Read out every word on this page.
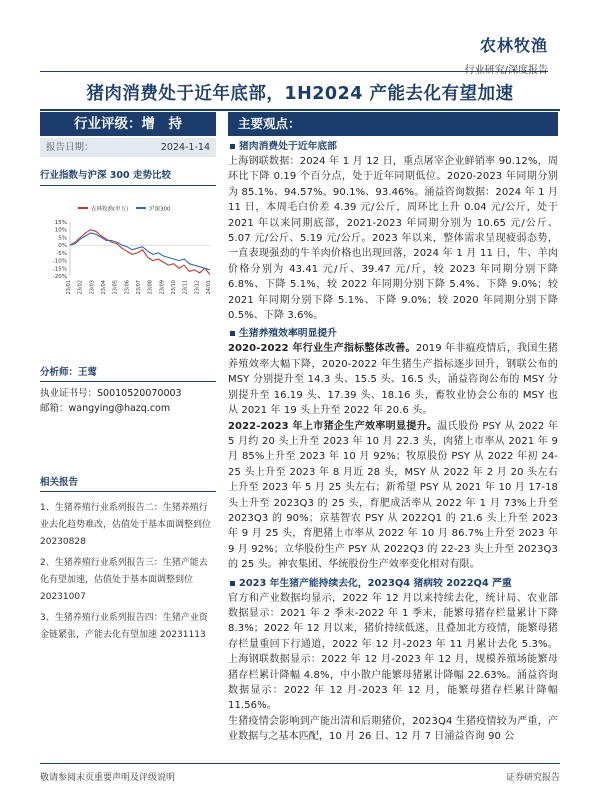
农林牧渔
行业研究/深度报告
猪肉消费处于近年底部，1H2024 产能去化有望加速
行业评级：增　持
报告日期：	2024-1-14
行业指数与沪深 300 走势比较
农林牧渔(申万)	沪深300
15%
10%
5%
0%
-5%
-10%
-15%
-20%
23/01 23/02 23/03 23/04 23/05 23/06 23/07 23/08 23/09 23/10 23/11 23/12 24/01
分析师：王莺
执业证书号：S0010520070003
邮箱：wangying@hazq.com
相关报告

1、生猪养殖行业系列报告二：生猪养殖行业去化趋势难改，估值处于基本面调整到位 20230828

2、生猪养殖行业系列报告三：生猪产能去化有望加速，估值处于基本面调整到位 20231007

3、生猪养殖行业系列报告四：生猪产业资金链紧张，产能去化有望加速 20231113

主要观点：
猪肉消费处于近年底部
上海钢联数据：2024 年 1 月 12 日，重点屠宰企业鲜销率 90.12%，周环比下降 0.19 个百分点，处于近年同期低位。2020-2023 年同期分别为 85.1%、94.57%、90.1%、93.46%。涌益咨询数据：2024 年 1 月 11 日，本周毛白价差 4.39 元/公斤，周环比上升 0.04 元/公斤，处于 2021 年以来同期底部，2021-2023 年同期分别为 10.65 元/公斤、5.07 元/公斤、5.19 元/公斤。2023 年以来，整体需求呈现疲弱态势，一直表现强劲的牛羊肉价格也出现回落，2024 年 1 月 11 日，牛、羊肉价格分别为 43.41 元/斤、39.47 元/斤，较 2023 年同期分别下降 6.8%、下降 5.1%，较 2022 年同期分别下降 5.4%、下降 9.0%；较 2021 年同期分别下降 5.1%、下降 9.0%；较 2020 年同期分别下降 0.5%、下降 3.6%。
生猪养殖效率明显提升
2020-2022 年行业生产指标整体改善。2019 年非瘟疫情后，我国生猪养殖效率大幅下降，2020-2022 年生猪生产指标逐步回升，钢联公布的 MSY 分别提升至 14.3 头、15.5 头、16.5 头，涌益咨询公布的 MSY 分别提升至 16.19 头、17.39 头、18.16 头，畜牧业协会公布的 MSY 也从 2021 年 19 头上升至 2022 年 20.6 头。
2022-2023 年上市猪企生产效率明显提升。温氏股份 PSY 从 2022 年 5 月约 20 头上升至 2023 年 10 月 22.3 头，肉猪上市率从 2021 年 9 月 85%上升至 2023 年 10 月 92%；牧原股份 PSY 从 2022 年初 24-25 头上升至 2023 年 8 月近 28 头，MSY 从 2022 年 2 月 20 头左右上升至 2023 年 5 月 25 头左右；新希望 PSY 从 2021 年 10 月 17-18 头上升至 2023Q3 的 25 头，育肥成活率从 2022 年 1 月 73%上升至 2023Q3 的 90%；京基智农 PSY 从 2022Q1 的 21.6 头上升至 2023 年 9 月 25 头，育肥猪上市率从 2022 年 10 月 86.7%上升至 2023 年 9 月 92%；立华股份生产 PSY 从 2022Q3 的 22-23 头上升至 2023Q3 的 25 头。神农集团、华统股份生产效率变化相对有限。
2023 年生猪产能持续去化，2023Q4 猪病较 2022Q4 严重
官方和产业数据均显示，2022 年 12 月以来持续去化，统计局、农业部数据显示：2021 年 2 季末-2022 年 1 季末，能繁母猪存栏量累计下降 8.3%；2022 年 12 月以来，猪价持续低迷，且叠加北方疫情，能繁母猪存栏量重回下行通道，2022 年 12 月-2023 年 11 月累计去化 5.3%。上海钢联数据显示：2022 年 12 月-2023 年 12 月，规模养殖场能繁母猪存栏累计降幅 4.8%，中小散户能繁母猪累计降幅 22.63%。涌益咨询数据显示：2022 年 12 月-2023 年 12 月，能繁母猪存栏累计降幅 11.56%。
生猪疫情会影响到产能出清和后期猪价，2023Q4 生猪疫情较为严重，产业数据与之基本匹配，10 月 26 日、12 月 7 日涌益咨询 90 公
敬请参阅末页重要声明及评级说明	证券研究报告
